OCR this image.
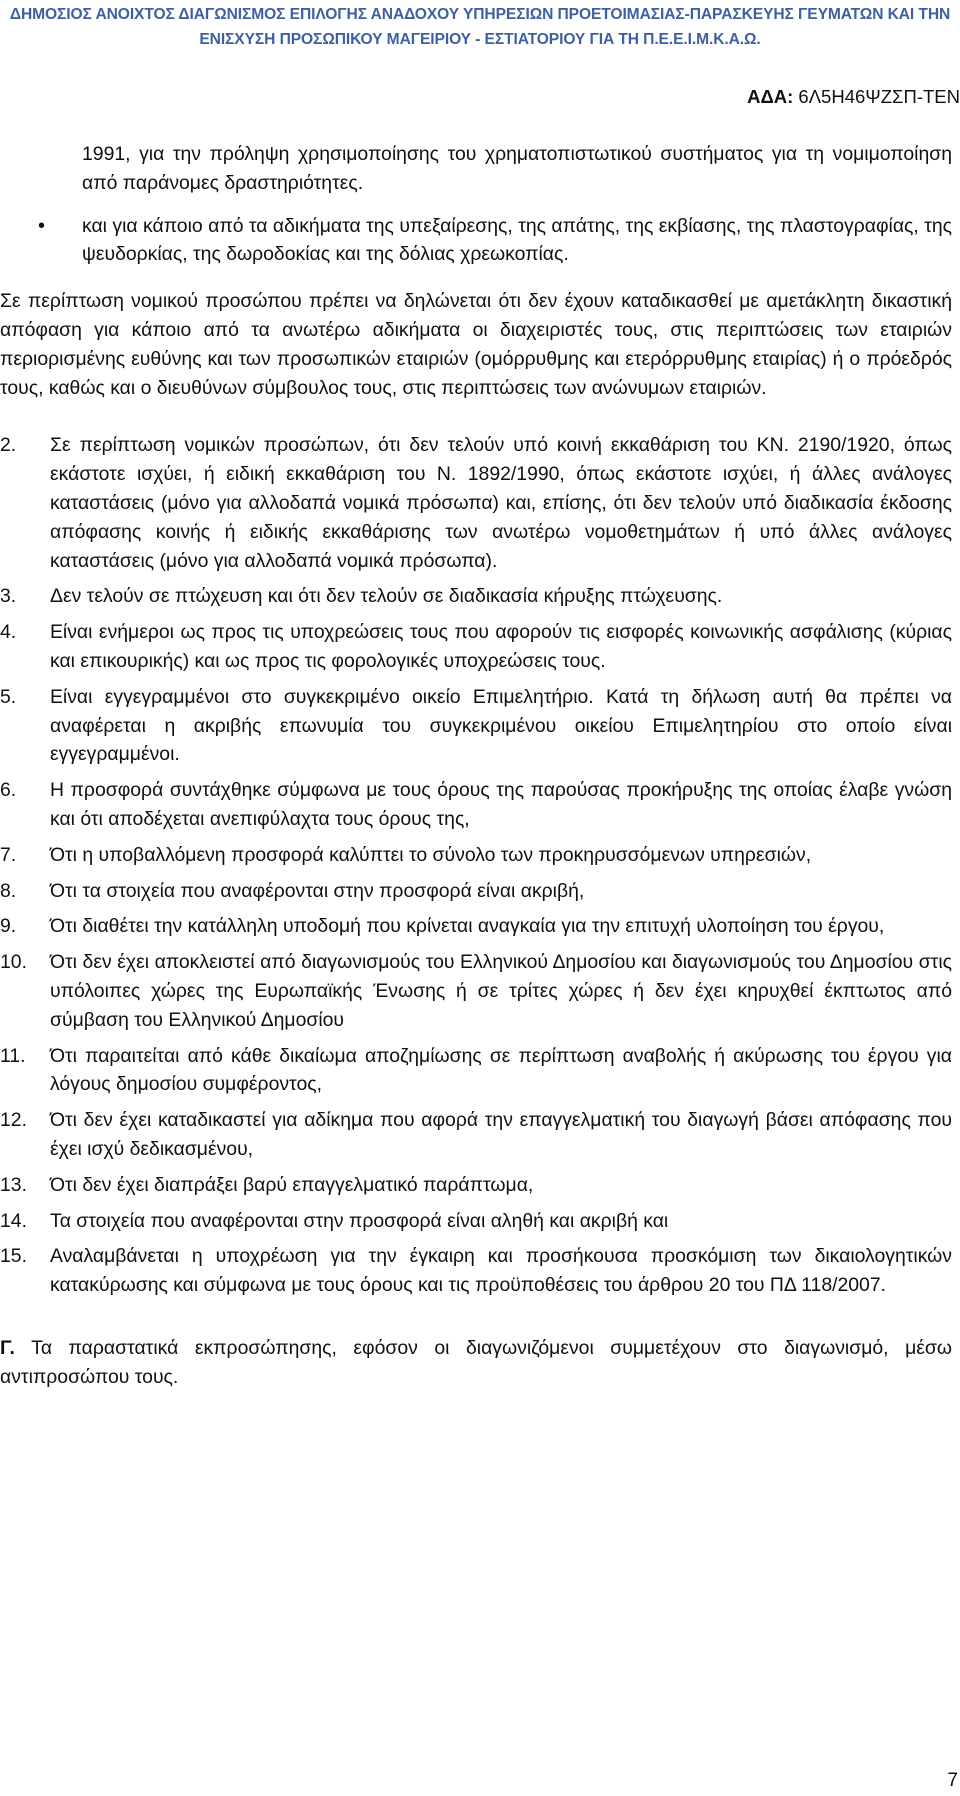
ΔΗΜΟΣΙΟΣ ΑΝΟΙΧΤΟΣ ΔΙΑΓΩΝΙΣΜΟΣ ΕΠΙΛΟΓΗΣ ΑΝΑΔΟΧΟΥ ΥΠΗΡΕΣΙΩΝ ΠΡΟΕΤΟΙΜΑΣΙΑΣ-ΠΑΡΑΣΚΕΥΗΣ ΓΕΥΜΑΤΩΝ ΚΑΙ ΤΗΝ
ΕΝΙΣΧΥΣΗ ΠΡΟΣΩΠΙΚΟΥ ΜΑΓΕΙΡΙΟΥ - ΕΣΤΙΑΤΟΡΙΟΥ ΓΙΑ ΤΗ Π.Ε.Ε.Ι.Μ.Κ.Α.Ω.
ΑΔΑ: 6Λ5Η46ΨΖΣΠ-ΤΕΝ

1991, για την πρόληψη χρησιμοποίησης του χρηματοπιστωτικού συστήματος για τη νομιμοποίηση από παράνομες δραστηριότητες.

• και για κάποιο από τα αδικήματα της υπεξαίρεσης, της απάτης, της εκβίασης, της πλαστογραφίας, της ψευδορκίας, της δωροδοκίας και της δόλιας χρεωκοπίας.

Σε περίπτωση νομικού προσώπου πρέπει να δηλώνεται ότι δεν έχουν καταδικασθεί με αμετάκλητη δικαστική απόφαση για κάποιο από τα ανωτέρω αδικήματα οι διαχειριστές τους, στις περιπτώσεις των εταιριών περιορισμένης ευθύνης και των προσωπικών εταιριών (ομόρρυθμης και ετερόρρυθμης εταιρίας) ή ο πρόεδρός τους, καθώς και ο διευθύνων σύμβουλος τους, στις περιπτώσεις των ανώνυμων εταιριών.

2. Σε περίπτωση νομικών προσώπων, ότι δεν τελούν υπό κοινή εκκαθάριση του ΚΝ. 2190/1920, όπως εκάστοτε ισχύει, ή ειδική εκκαθάριση του Ν. 1892/1990, όπως εκάστοτε ισχύει, ή άλλες ανάλογες καταστάσεις (μόνο για αλλοδαπά νομικά πρόσωπα) και, επίσης, ότι δεν τελούν υπό διαδικασία έκδοσης απόφασης κοινής ή ειδικής εκκαθάρισης των ανωτέρω νομοθετημάτων ή υπό άλλες ανάλογες καταστάσεις (μόνο για αλλοδαπά νομικά πρόσωπα).
3. Δεν τελούν σε πτώχευση και ότι δεν τελούν σε διαδικασία κήρυξης πτώχευσης.
4. Είναι ενήμεροι ως προς τις υποχρεώσεις τους που αφορούν τις εισφορές κοινωνικής ασφάλισης (κύριας και επικουρικής) και ως προς τις φορολογικές υποχρεώσεις τους.
5. Είναι εγγεγραμμένοι στο συγκεκριμένο οικείο Επιμελητήριο. Κατά τη δήλωση αυτή θα πρέπει να αναφέρεται η ακριβής επωνυμία του συγκεκριμένου οικείου Επιμελητηρίου στο οποίο είναι εγγεγραμμένοι.
6. Η προσφορά συντάχθηκε σύμφωνα με τους όρους της παρούσας προκήρυξης της οποίας έλαβε γνώση και ότι αποδέχεται ανεπιφύλαχτα τους όρους της,
7. Ότι η υποβαλλόμενη προσφορά καλύπτει το σύνολο των προκηρυσσόμενων υπηρεσιών,
8. Ότι τα στοιχεία που αναφέρονται στην προσφορά είναι ακριβή,
9. Ότι διαθέτει την κατάλληλη υποδομή που κρίνεται αναγκαία για την επιτυχή υλοποίηση του έργου,
10. Ότι δεν έχει αποκλειστεί από διαγωνισμούς του Ελληνικού Δημοσίου και διαγωνισμούς του Δημοσίου στις υπόλοιπες χώρες της Ευρωπαϊκής Ένωσης ή σε τρίτες χώρες ή δεν έχει κηρυχθεί έκπτωτος από σύμβαση του Ελληνικού Δημοσίου
11. Ότι παραιτείται από κάθε δικαίωμα αποζημίωσης σε περίπτωση αναβολής ή ακύρωσης του έργου για λόγους δημοσίου συμφέροντος,
12. Ότι δεν έχει καταδικαστεί για αδίκημα που αφορά την επαγγελματική του διαγωγή βάσει απόφασης που έχει ισχύ δεδικασμένου,
13. Ότι δεν έχει διαπράξει βαρύ επαγγελματικό παράπτωμα,
14. Τα στοιχεία που αναφέρονται στην προσφορά είναι αληθή και ακριβή και
15. Αναλαμβάνεται η υποχρέωση για την έγκαιρη και προσήκουσα προσκόμιση των δικαιολογητικών κατακύρωσης και σύμφωνα με τους όρους και τις προϋποθέσεις του άρθρου 20 του ΠΔ 118/2007.

Γ. Τα παραστατικά εκπροσώπησης, εφόσον οι διαγωνιζόμενοι συμμετέχουν στο διαγωνισμό, μέσω αντιπροσώπου τους.

7
